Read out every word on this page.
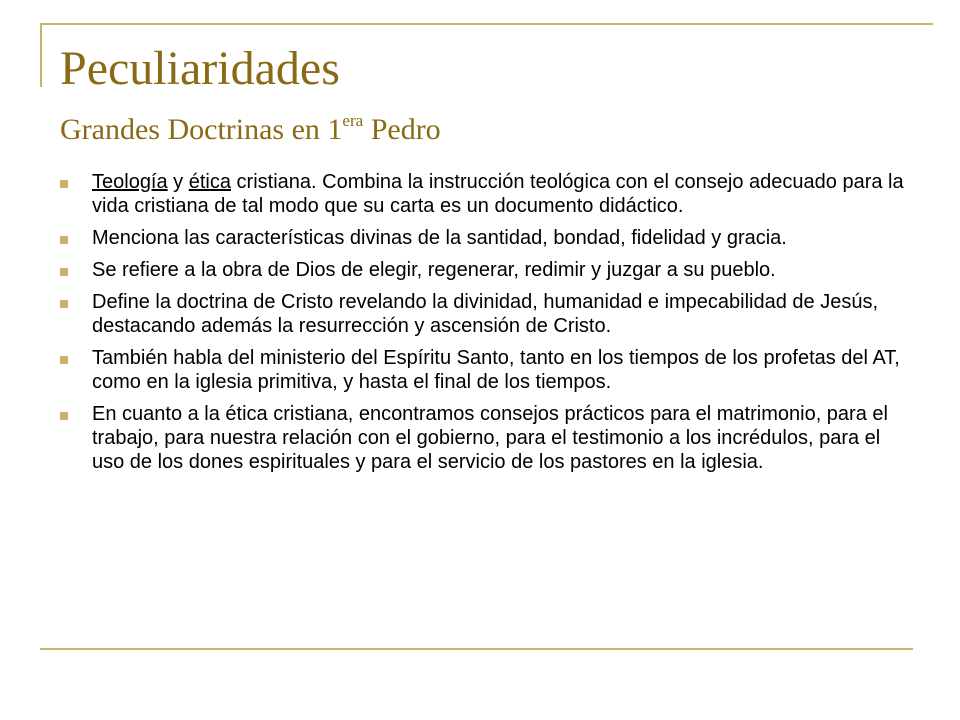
Peculiaridades
Grandes Doctrinas en $1^{era}$ Pedro
Teología y ética cristiana. Combina la instrucción teológica con el consejo adecuado para la vida cristiana de tal modo que su carta es un documento didáctico.
Menciona las características divinas de la santidad, bondad, fidelidad y gracia.
Se refiere a la obra de Dios de elegir, regenerar, redimir y juzgar a su pueblo.
Define la doctrina de Cristo revelando la divinidad, humanidad e impecabilidad de Jesús, destacando además la resurrección y ascensión de Cristo.
También habla del ministerio del Espíritu Santo, tanto en los tiempos de los profetas del AT, como en la iglesia primitiva, y hasta el final de los tiempos.
En cuanto a la ética cristiana, encontramos consejos prácticos para el matrimonio, para el trabajo, para nuestra relación con el gobierno, para el testimonio a los incrédulos, para el uso de los dones espirituales y para el servicio de los pastores en la iglesia.
